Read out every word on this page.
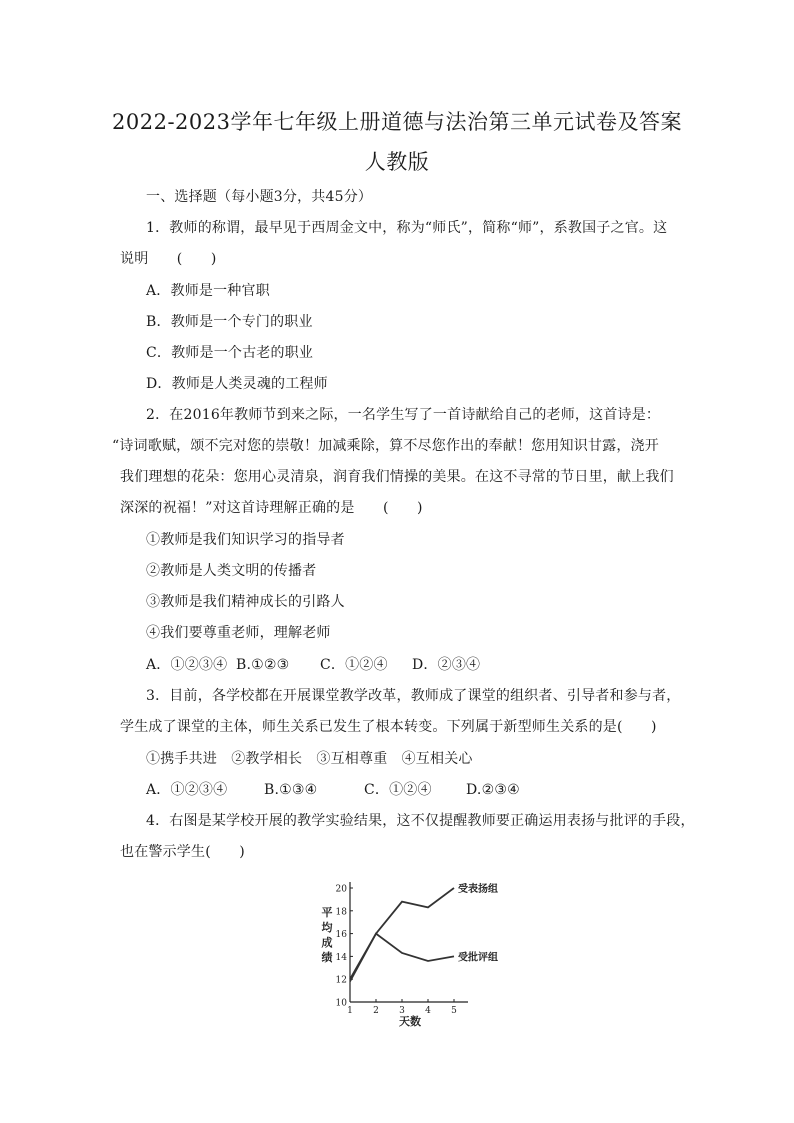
2022-2023学年七年级上册道德与法治第三单元试卷及答案
人教版
一、选择题（每小题3分，共45分）
1．教师的称谓，最早见于西周金文中，称为“师氏”，简称“师”，系教国子之官。这
说明　　(　　)
A．教师是一种官职
B．教师是一个专门的职业
C．教师是一个古老的职业
D．教师是人类灵魂的工程师
2．在2016年教师节到来之际，一名学生写了一首诗献给自己的老师，这首诗是：
“诗词歌赋，颂不完对您的崇敬！加减乘除，算不尽您作出的奉献！您用知识甘露，浇开
我们理想的花朵：您用心灵清泉，润育我们情操的美果。在这不寻常的节日里，献上我们
深深的祝福！”对这首诗理解正确的是　　(　　)
①教师是我们知识学习的指导者
②教师是人类文明的传播者
③教师是我们精神成长的引路人
④我们要尊重老师，理解老师
A．①②③④ B.①②③ C．①②④ D．②③④
3．目前，各学校都在开展课堂教学改革，教师成了课堂的组织者、引导者和参与者，
学生成了课堂的主体，师生关系已发生了根本转变。下列属于新型师生关系的是(　　)
①携手共进　②教学相长　③互相尊重　④互相关心
A．①②③④	B.①③④	C．①②④ D.②③④
4．右图是某学校开展的教学实验结果，这不仅提醒教师要正确运用表扬与批评的手段，
也在警示学生(　　)
10
12
14
16
18
20
1 2 3 4 5
受表扬组
受批评组
平
均
成
绩
天数
